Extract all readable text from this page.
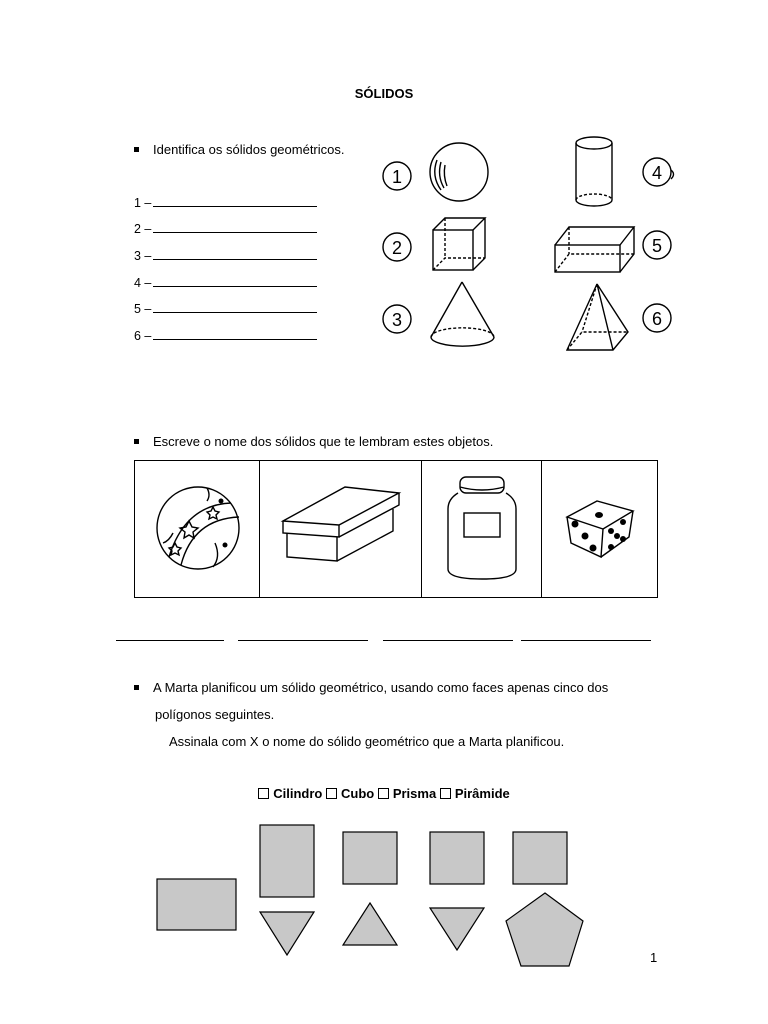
SÓLIDOS
Identifica os sólidos geométricos.
1 –
2 –
3 –
4 –
5 –
6 –
1
2
3
4
5
6
Escreve o nome dos sólidos que te lembram estes objetos.
A Marta planificou um sólido geométrico, usando como faces apenas cinco dos
polígonos seguintes.
Assinala com X o nome do sólido geométrico que a Marta planificou.
Cilindro Cubo Prisma Pirâmide
1
